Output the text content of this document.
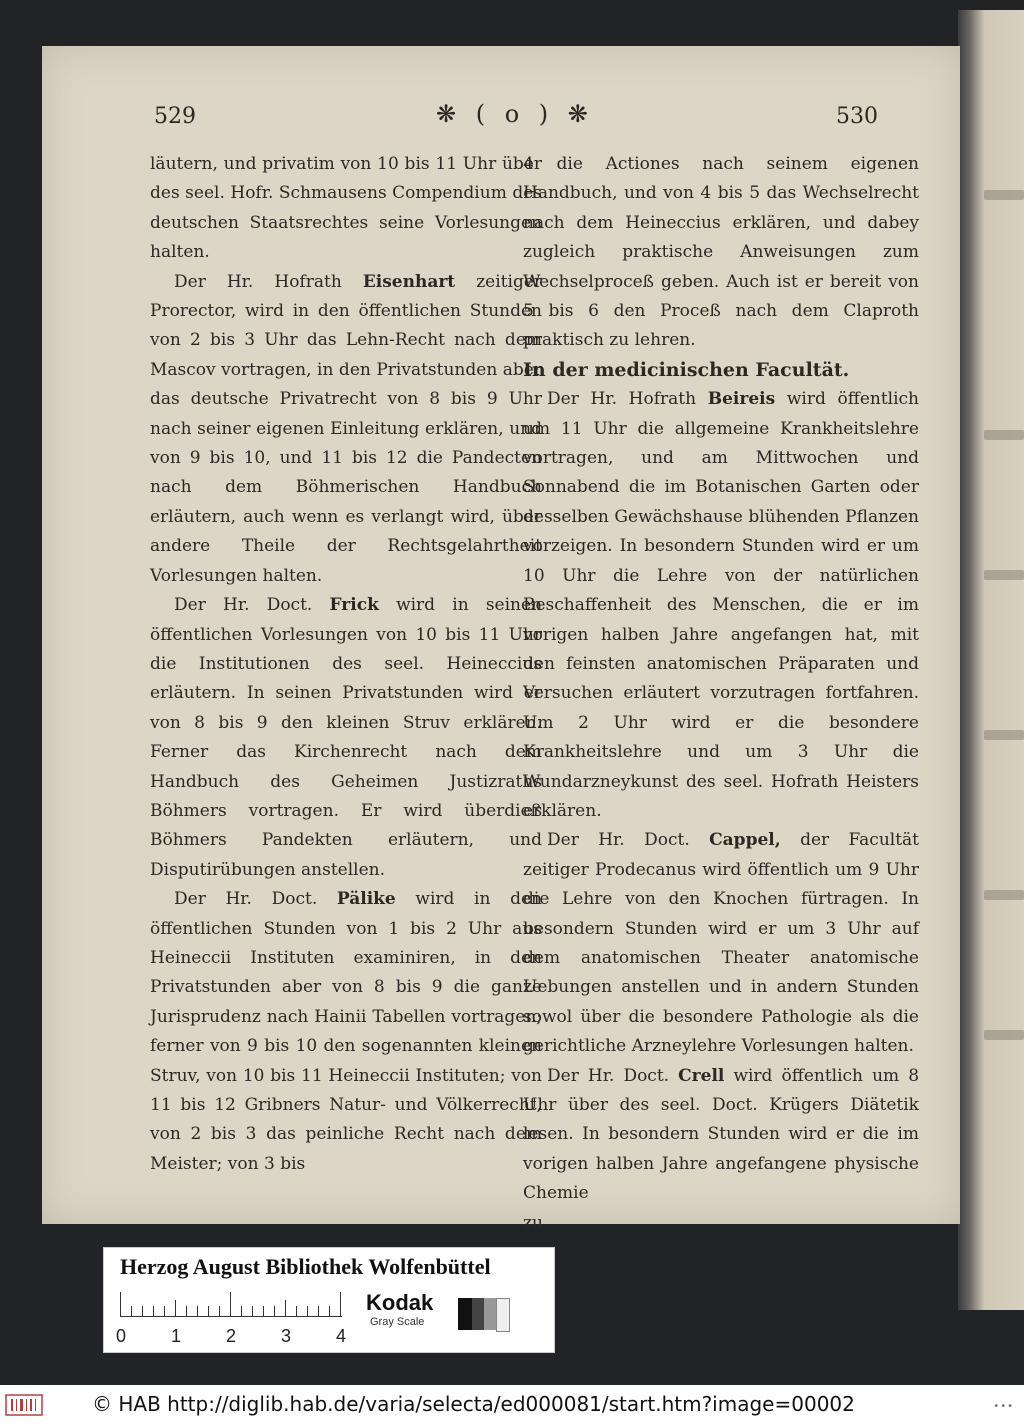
529	❋ ( o ) ❋	530

läutern, und privatim von 10 bis 11 Uhr über des seel. Hofr. Schmausens Compendium des deutschen Staatsrechtes seine Vorlesungen halten.

Der Hr. Hofrath Eisenhart zeitiger Prorector, wird in den öffentlichen Stunden von 2 bis 3 Uhr das Lehn-Recht nach dem Mascov vortragen, in den Privatstunden aber das deutsche Privatrecht von 8 bis 9 Uhr nach seiner eigenen Einleitung erklären, und von 9 bis 10, und 11 bis 12 die Pandecten nach dem Böhmerischen Handbuch erläutern, auch wenn es verlangt wird, über andere Theile der Rechtsgelahrtheit Vorlesungen halten.

Der Hr. Doct. Frick wird in seinen öffentlichen Vorlesungen von 10 bis 11 Uhr die Institutionen des seel. Heineccius erläutern. In seinen Privatstunden wird er von 8 bis 9 den kleinen Struv erklären. Ferner das Kirchenrecht nach dem Handbuch des Geheimen Justizraths Böhmers vortragen. Er wird überdieß Böhmers Pandekten erläutern, und Disputirübungen anstellen.

Der Hr. Doct. Pälike wird in den öffentlichen Stunden von 1 bis 2 Uhr aus Heineccii Instituten examiniren, in den Privatstunden aber von 8 bis 9 die ganze Jurisprudenz nach Hainii Tabellen vortragen; ferner von 9 bis 10 den sogenannten kleinen Struv, von 10 bis 11 Heineccii Instituten; von 11 bis 12 Gribners Natur- und Völkerrecht, von 2 bis 3 das peinliche Recht nach dem Meister; von 3 bis

4 die Actiones nach seinem eigenen Handbuch, und von 4 bis 5 das Wechselrecht nach dem Heineccius erklären, und dabey zugleich praktische Anweisungen zum Wechselproceß geben. Auch ist er bereit von 5 bis 6 den Proceß nach dem Claproth praktisch zu lehren.

In der medicinischen Facultät.

Der Hr. Hofrath Beireis wird öffentlich um 11 Uhr die allgemeine Krankheitslehre vortragen, und am Mittwochen und Sonnabend die im Botanischen Garten oder desselben Gewächshause blühenden Pflanzen vorzeigen. In besondern Stunden wird er um 10 Uhr die Lehre von der natürlichen Beschaffenheit des Menschen, die er im vorigen halben Jahre angefangen hat, mit den feinsten anatomischen Präparaten und Versuchen erläutert vorzutragen fortfahren. Um 2 Uhr wird er die besondere Krankheitslehre und um 3 Uhr die Wundarzneykunst des seel. Hofrath Heisters erklären.

Der Hr. Doct. Cappel, der Facultät zeitiger Prodecanus wird öffentlich um 9 Uhr die Lehre von den Knochen fürtragen. In besondern Stunden wird er um 3 Uhr auf dem anatomischen Theater anatomische Uebungen anstellen und in andern Stunden sowol über die besondere Pathologie als die gerichtliche Arzneylehre Vorlesungen halten.

Der Hr. Doct. Crell wird öffentlich um 8 Uhr über des seel. Doct. Krügers Diätetik lesen. In besondern Stunden wird er die im vorigen halben Jahre angefangene physische Chemie

zu

Herzog August Bibliothek Wolfenbüttel
0 1 2 3 4
Kodak
Gray Scale
© HAB http://diglib.hab.de/varia/selecta/ed000081/start.htm?image=00002	•••
